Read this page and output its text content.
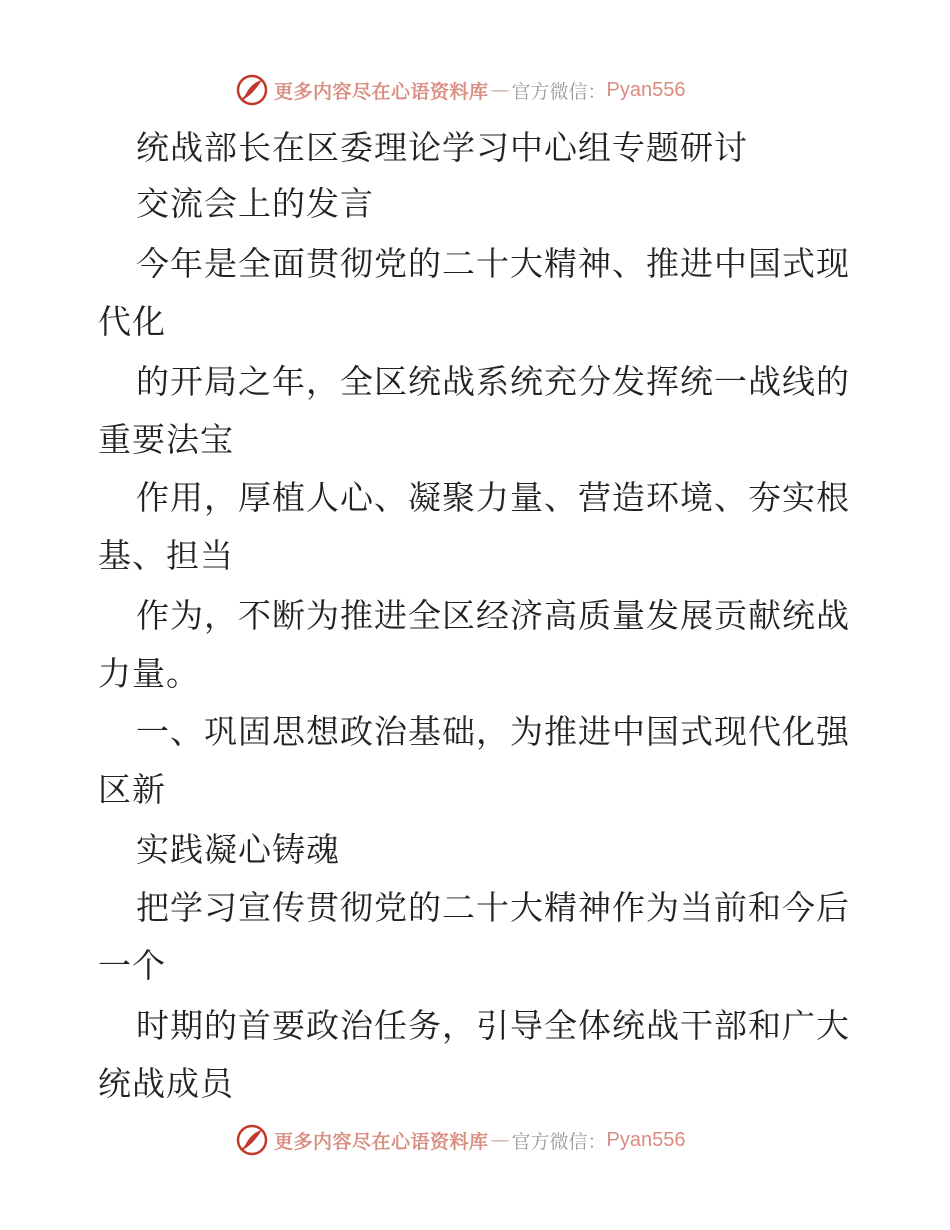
更多内容尽在心语资料库 — 官方微信： Pyan556
统战部长在区委理论学习中心组专题研讨
交流会上的发言
今年是全面贯彻党的二十大精神、推进中国式现
代化
的开局之年，全区统战系统充分发挥统一战线的
重要法宝
作用，厚植人心、凝聚力量、营造环境、夯实根
基、担当
作为，不断为推进全区经济高质量发展贡献统战
力量。
一、巩固思想政治基础，为推进中国式现代化强
区新
实践凝心铸魂
把学习宣传贯彻党的二十大精神作为当前和今后
一个
时期的首要政治任务，引导全体统战干部和广大
统战成员
更多内容尽在心语资料库 — 官方微信： Pyan556
